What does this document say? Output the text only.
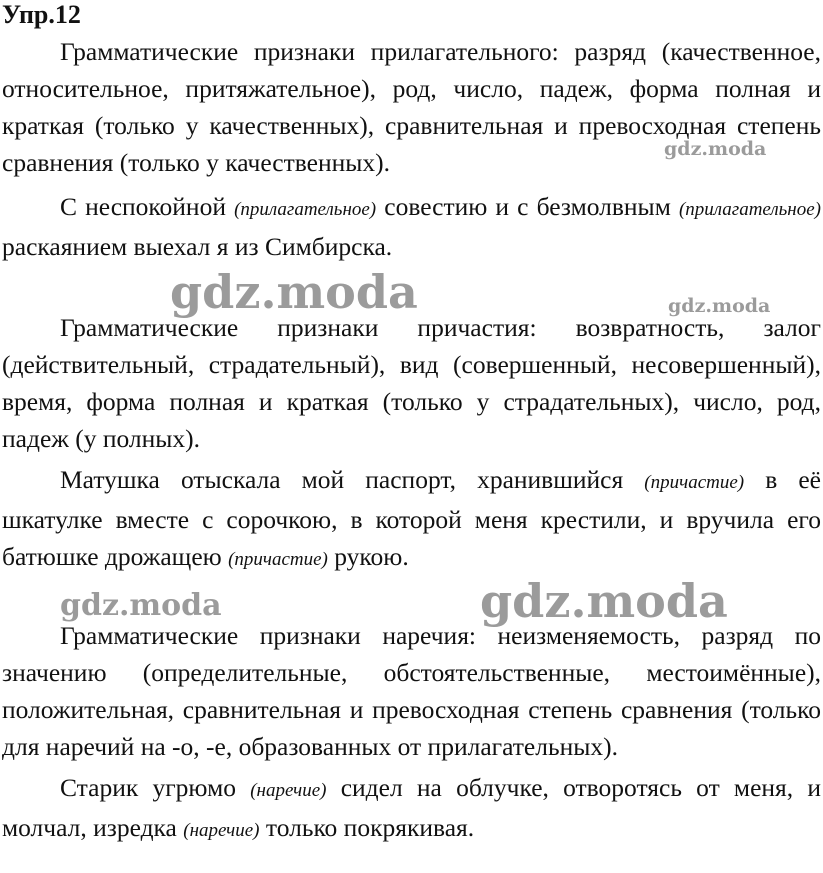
Упр.12

Грамматические признаки прилагательного: разряд (качественное, относительное, притяжательное), род, число, падеж, форма полная и краткая (только у качественных), сравнительная и превосходная степень сравнения (только у качественных).

С неспокойной (прилагательное) совестию и с безмолвным (прилагательное) раскаянием выехал я из Симбирска.

Грамматические признаки причастия: возвратность, залог (действительный, страдательный), вид (совершенный, несовершенный), время, форма полная и краткая (только у страдательных), число, род, падеж (у полных).

Матушка отыскала мой паспорт, хранившийся (причастие) в её шкатулке вместе с сорочкою, в которой меня крестили, и вручила его батюшке дрожащею (причастие) рукою.

Грамматические признаки наречия: неизменяемость, разряд по значению (определительные, обстоятельственные, местоимённые), положительная, сравнительная и превосходная степень сравнения (только для наречий на -о, -е, образованных от прилагательных).

Старик угрюмо (наречие) сидел на облучке, отворотясь от меня, и молчал, изредка (наречие) только покрякивая.

gdz.moda
gdz.moda	gdz.moda
gdz.moda	gdz.moda
